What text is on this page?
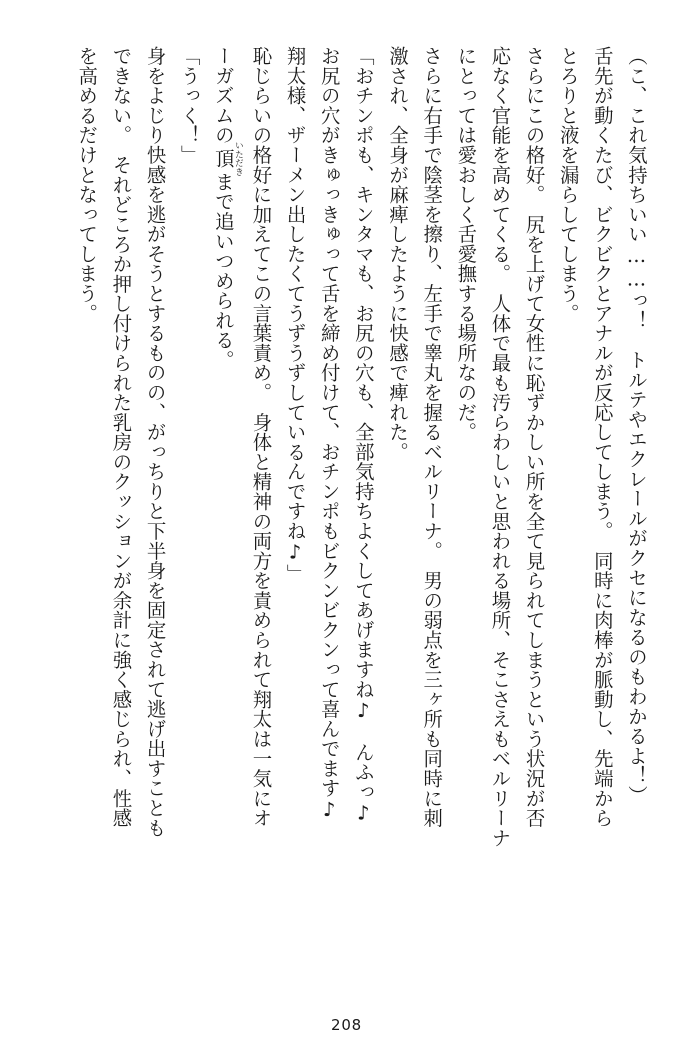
（こ、これ気持ちいい……っ！　トルテやエクレールがクセになるのもわかるよ！）

舌先が動くたび、ビクビクとアナルが反応してしまう。　同時に肉棒が脈動し、先端から

とろりと液を漏らしてしまう。

さらにこの格好。　尻を上げて女性に恥ずかしい所を全て見られてしまうという状況が否

応なく官能を高めてくる。　人体で最も汚らわしいと思われる場所、そこさえもベルリーナ

にとっては愛おしく舌愛撫する場所なのだ。

さらに右手で陰茎を擦り、左手で睾丸を握るベルリーナ。　男の弱点を三ヶ所も同時に刺

激され、全身が麻痺したように快感で痺れた。

「おチンポも、キンタマも、お尻の穴も、全部気持ちよくしてあげますね♪　んふっ♪

お尻の穴がきゅっきゅって舌を締め付けて、おチンポもビクンビクンって喜んでます♪

翔太様、ザーメン出したくてうずうずしているんですね♪」

恥じらいの格好に加えてこの言葉責め。　身体と精神の両方を責められて翔太は一気にオ

ーガズムの頂いただきまで追いつめられる。

「うっく！」

身をよじり快感を逃がそうとするものの、がっちりと下半身を固定されて逃げ出すことも

できない。　それどころか押し付けられた乳房のクッションが余計に強く感じられ、性感

を高めるだけとなってしまう。

208
